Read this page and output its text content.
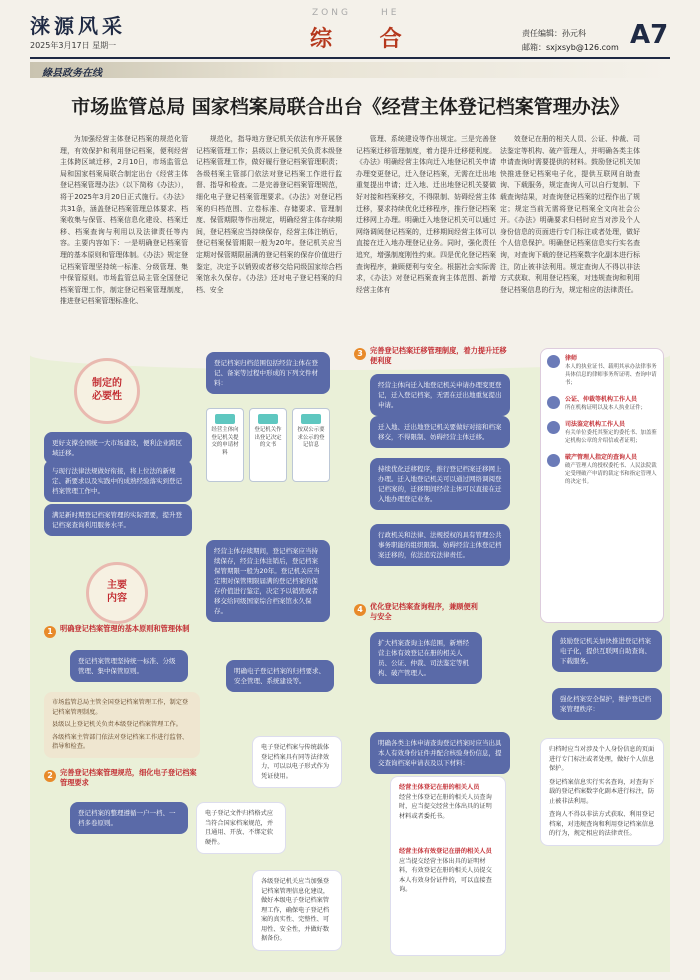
涞源风采
2025年3月17日 星期一
ZONG	HE
综 合	责任编辑：孙元科
邮箱：sxjxsyb@126.com A7
綠县政务在线
市场监管总局 国家档案局联合出台《经营主体登记档案管理办法》

为加强经营主体登记档案的规范化管理，有效保护和利用登记档案，便利经营主体跨区域迁移，2月10日，市场监管总局和国家档案局联合制定出台《经营主体登记档案管理办法》（以下简称《办法》），将于2025年3月20日正式施行。《办法》共31条，涵盖登记档案管理总体要求、档案收集与保管、档案信息化建设、档案迁移、档案查询与利用以及法律责任等内容。主要内容如下：一是明确登记档案管理的基本原则和管理体制。《办法》规定登记档案管理坚持统一标准、分级管理、集中保管原则。市场监管总局主管全国登记档案管理工作，制定登记档案管理制度，推进登记档案管理标准化、

规范化，指导地方登记机关依法有序开展登记档案管理工作；县级以上登记机关负责本级登记档案管理工作，做好履行登记档案管理职责；各级档案主管部门依法对登记档案工作进行监督、指导和检查。二是完善登记档案管理规范，细化电子登记档案管理要求。《办法》对登记档案的归档范围、立卷标准、存储要求、管理制度、保管期限等作出规定，明确经营主体存续期间，登记档案应当持续保存，经营主体注销后，登记档案保管期限一般为20年。登记机关应当定期对保管期限届满的登记档案的保存价值进行鉴定，决定予以销毁或者移交给同级国家综合档案馆永久保存。《办法》还对电子登记档案的归档、安全

管理、系统建设等作出规定。三是完善登记档案迁移管理制度，着力提升迁移便利度。《办法》明确经营主体向迁入地登记机关申请办理变更登记，迁入登记档案，无需在迁出地重复提出申请；迁入地、迁出地登记机关要做好对接和档案移交，不得限制、妨碍经营主体迁移，要求持续优化迁移程序，推行登记档案迁移网上办理。明确迁入地登记机关可以通过网络调阅登记档案的，迁移期间经营主体可以直接在迁入地办理登记业务。同时，强化责任追究，增强制度刚性约束。四是优化登记档案查询程序，兼顾便利与安全。根据社会实际需求，《办法》对登记档案查询主体范围、新增经营主体有

效登记在册的相关人员、公证、仲裁、司法鉴定等机构、破产管理人，并明确各类主体申请查询时需要提供的材料。鼓励登记机关加快推进登记档案电子化，提供互联网自助查询、下载服务，规定查询人可以自行复制、下载查询结果，对查询登记档案的过程作出了规定；规定当前无需将登记档案全文向社会公开。《办法》明确要求归档时应当对涉及个人身份信息的页面进行专门标注或者处理，做好个人信息保护。明确登记档案信息实行实名查询，对查询下载的登记档案数字化副本进行标注，防止被非法利用。规定查询人不得以非法方式获取、利用登记档案，对违规查询和利用登记档案信息的行为，规定相应的法律责任。

制定的
必要性
更好支撑全国统一大市场建设，便利企业跨区域迁移。
与现行法律法规做好衔接，将上位法的新规定、新要求以及实践中的成熟经验落实到登记档案管理工作中。
满足新时期登记档案管理的实际需要，提升登记档案查询利用服务水平。
主要
内容
1	明确登记档案管理的基本原则和管理体制
登记档案管理坚持统一标准、分级管理、集中保管原则。
市场监管总局主管全国登记档案管理工作，制定登记档案管理制度。
县级以上登记机关负责本级登记档案管理工作。
各级档案主管部门依法对登记档案工作进行监督、指导和检查。
2	完善登记档案管理规范，细化电子登记档案管理要求
登记档案的整理遵循一户一档、一档多卷原则。
登记档案归档范围包括经营主体在登记、备案等过程中形成的下列文件材料：
经营主体向登记机关提交的申请材料
登记机关作出登记决定的文书
按双公示要求公示的登记信息
经营主体存续期间，登记档案应当持续保存，经营主体注销后，登记档案保管期限一般为20年。登记机关应当定期对保管期限届满的登记档案的保存价值进行鉴定，决定予以销毁或者移交给同级国家综合档案馆永久保存。
明确电子登记档案的归档要求、安全管理、系统建设等。
电子登记档案与传统载体登记档案具有同等法律效力，可以以电子形式作为凭证使用。
电子登记文件归档格式应当符合国家档案规范，并且通用、开放、不绑定软硬件。
各级登记机关应当加强登记档案管理信息化建设，做好本级电子登记档案管理工作，确保电子登记档案的真实性、完整性、可用性、安全性，并做好数据备份。
3	完善登记档案迁移管理制度，着力提升迁移便利度
经营主体向迁入地登记机关申请办理变更登记，迁入登记档案，无需在迁出地重复提出申请。
迁入地、迁出地登记机关要做好对接和档案移交，不得限制、妨碍经营主体迁移。
持续优化迁移程序，推行登记档案迁移网上办理。迁入地登记机关可以通过网络调阅登记档案的，迁移期间经营主体可以直接在迁入地办理登记业务。
行政机关和法律、法规授权的具有管理公共事务职能的组织限制、妨碍经营主体登记档案迁移的，依法追究法律责任。
4	优化登记档案查询程序，兼顾便利与安全
扩大档案查询主体范围，新增经营主体有效登记在册的相关人员、公证、仲裁、司法鉴定等机构、破产管理人。
明确各类主体申请查询登记档案时应当出具本人有效身份证件并配合核验身份信息，提交查询档案申请表及以下材料：
经营主体登记在册的相关人员
经营主体登记在册的相关人员查询时，应当提交经营主体出具的证明材料或者委托书。
经营主体有效登记在册的相关人员
应当提交经营主体出具的证明材料，有效登记在册的相关人员提交本人有效身份证件的，可以直接查询。
律师
本人的执业证书、载明其承办法律事务具体信息的律师事务所证明、查询申请书；
公证、仲裁等机构工作人员
所在机构证明以及本人执业证件；
司法鉴定机构工作人员
有关单位委托其鉴定的委托书、加盖鉴定机构公章的介绍信或者证明；
破产管理人指定的查询人员
破产管理人的授权委托书、人民法院裁定受理破产申请的裁定书和指定管理人的决定书。
鼓励登记机关加快推进登记档案电子化，提供互联网自助查询、下载服务。
强化档案安全保护，维护登记档案管理秩序：
归档时应当对涉及个人身份信息的页面进行专门标注或者处理，做好个人信息保护。
登记档案信息实行实名查询，对查询下载的登记档案数字化副本进行标注，防止被非法利用。
查询人不得以非法方式获取、利用登记档案，对违规查询和利用登记档案信息的行为，规定相应的法律责任。
